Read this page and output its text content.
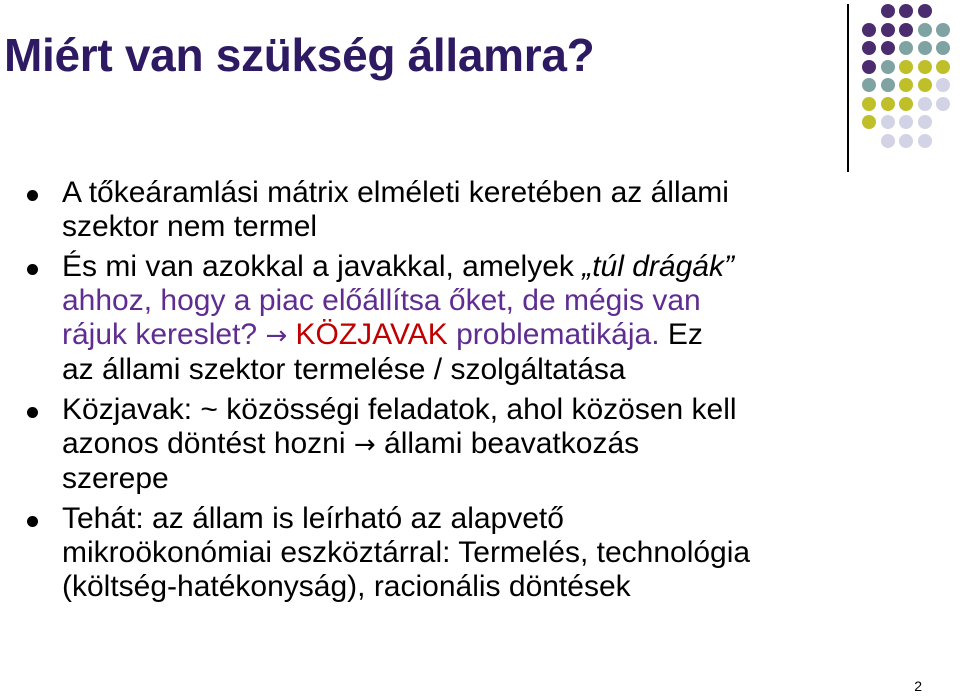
Miért van szükség államra?
A tőkeáramlási mátrix elméleti keretében az állami
szektor nem termel
És mi van azokkal a javakkal, amelyek „túl drágák”
ahhoz, hogy a piac előállítsa őket, de mégis van
rájuk kereslet? → KÖZJAVAK problematikája. Ez
az állami szektor termelése / szolgáltatása
Közjavak: ~ közösségi feladatok, ahol közösen kell
azonos döntést hozni → állami beavatkozás
szerepe
Tehát: az állam is leírható az alapvető
mikroökonómiai eszköztárral: Termelés, technológia
(költség-hatékonyság), racionális döntések
2
